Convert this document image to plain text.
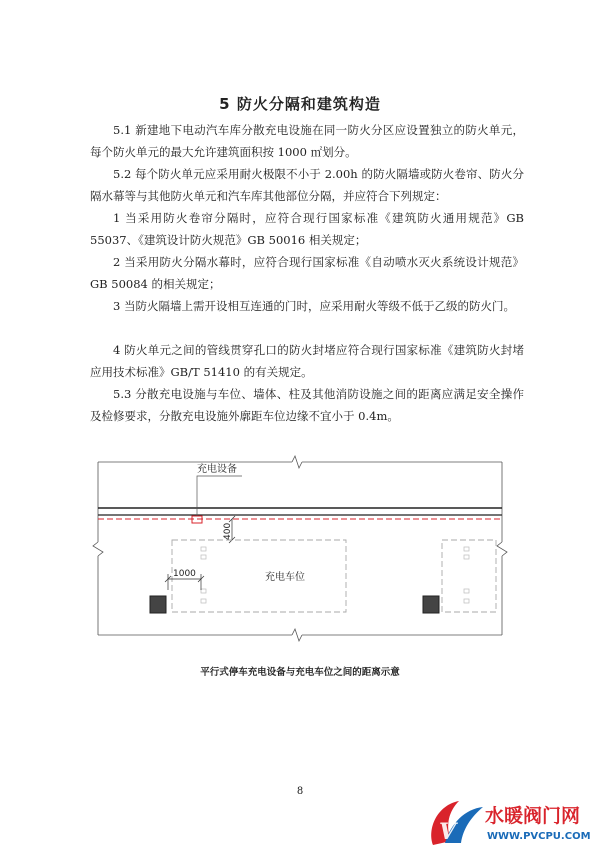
5 防火分隔和建筑构造

5.1 新建地下电动汽车库分散充电设施在同一防火分区应设置独立的防火单元，每个防火单元的最大允许建筑面积按 1000 ㎡划分。

5.2 每个防火单元应采用耐火极限不小于 2.00h 的防火隔墙或防火卷帘、防火分隔水幕等与其他防火单元和汽车库其他部位分隔，并应符合下列规定：

1 当采用防火卷帘分隔时，应符合现行国家标准《建筑防火通用规范》GB 55037、《建筑设计防火规范》GB 50016 相关规定；

2 当采用防火分隔水幕时，应符合现行国家标准《自动喷水灭火系统设计规范》GB 50084 的相关规定；

3 当防火隔墙上需开设相互连通的门时，应采用耐火等级不低于乙级的防火门。

4 防火单元之间的管线贯穿孔口的防火封堵应符合现行国家标准《建筑防火封堵应用技术标准》GB/T 51410 的有关规定。

5.3 分散充电设施与车位、墙体、柱及其他消防设施之间的距离应满足安全操作及检修要求，分散充电设施外廓距车位边缘不宜小于 0.4m。

充电设备
400
充电车位
1000
平行式停车充电设备与充电车位之间的距离示意
8
V
水暖阀门网
WWW.PVCPU.COM
